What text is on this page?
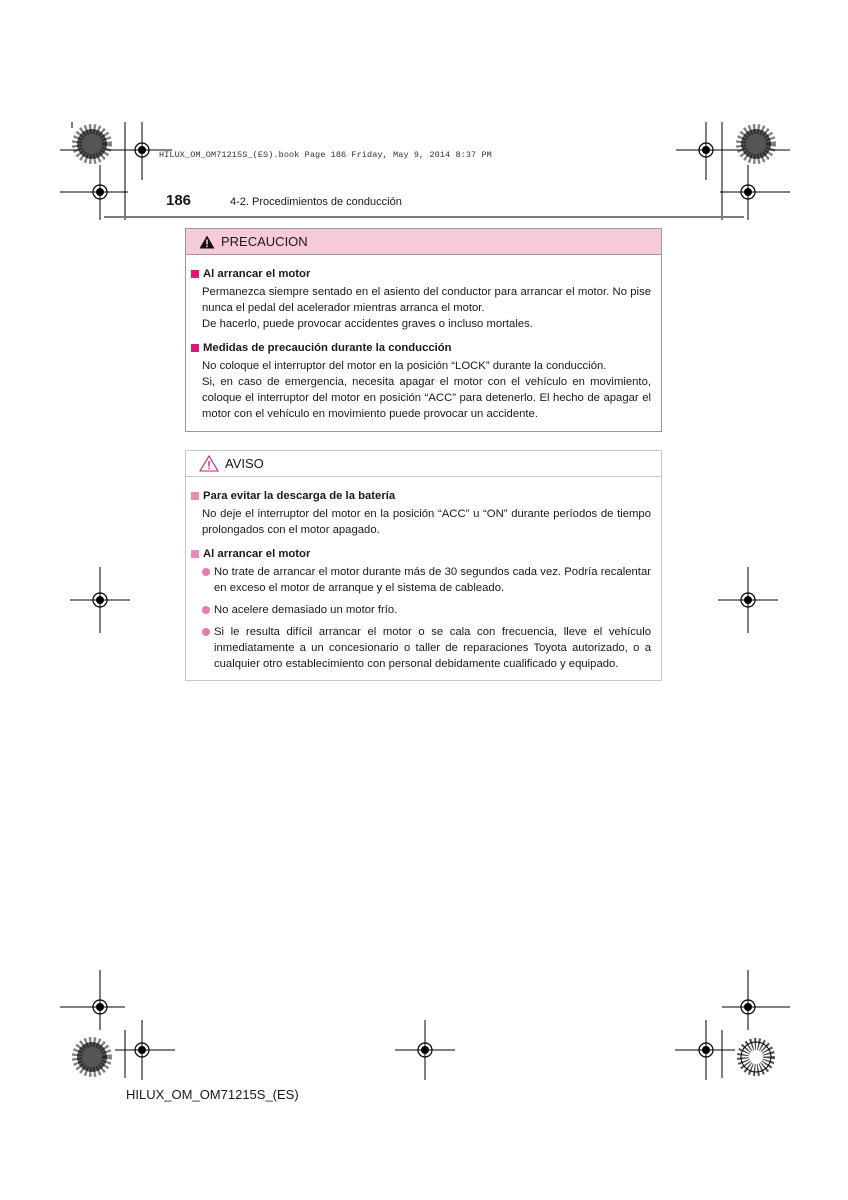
HILUX_OM_OM71215S_(ES).book Page 186 Friday, May 9, 2014 8:37 PM
186	4-2. Procedimientos de conducción
PRECAUCION
Al arrancar el motor
Permanezca siempre sentado en el asiento del conductor para arrancar el motor. No pise nunca el pedal del acelerador mientras arranca el motor.
De hacerlo, puede provocar accidentes graves o incluso mortales.
Medidas de precaución durante la conducción
No coloque el interruptor del motor en la posición “LOCK” durante la conducción.
Si, en caso de emergencia, necesita apagar el motor con el vehículo en movimiento, coloque el interruptor del motor en posición “ACC” para detenerlo. El hecho de apagar el motor con el vehículo en movimiento puede provocar un accidente.
AVISO
Para evitar la descarga de la batería
No deje el interruptor del motor en la posición “ACC” u “ON” durante períodos de tiempo prolongados con el motor apagado.
Al arrancar el motor
No trate de arrancar el motor durante más de 30 segundos cada vez. Podría recalentar en exceso el motor de arranque y el sistema de cableado.
No acelere demasiado un motor frío.
Si le resulta difícil arrancar el motor o se cala con frecuencia, lleve el vehículo inmediatamente a un concesionario o taller de reparaciones Toyota autorizado, o a cualquier otro establecimiento con personal debidamente cualificado y equipado.
HILUX_OM_OM71215S_(ES)
